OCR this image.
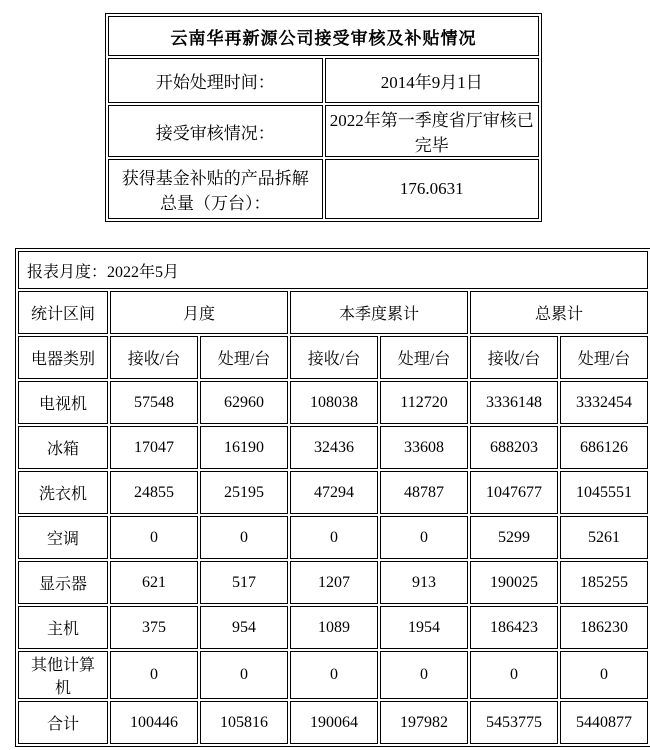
云南华再新源公司接受审核及补贴情况	
开始处理时间：	2014年9月1日
接受审核情况：	2022年第一季度省厅审核已完毕
获得基金补贴的产品拆解总量（万台）：	176.0631
报表月度：2022年5月						
统计区间	月度		本季度累计		总累计	
电器类别	接收/台	处理/台	接收/台	处理/台	接收/台	处理/台
电视机	57548	62960	108038	112720	3336148	3332454
冰箱	17047	16190	32436	33608	688203	686126
洗衣机	24855	25195	47294	48787	1047677	1045551
空调	0	0	0	0	5299	5261
显示器	621	517	1207	913	190025	185255
主机	375	954	1089	1954	186423	186230
其他计算机	0	0	0	0	0	0
合计	100446	105816	190064	197982	5453775	5440877
